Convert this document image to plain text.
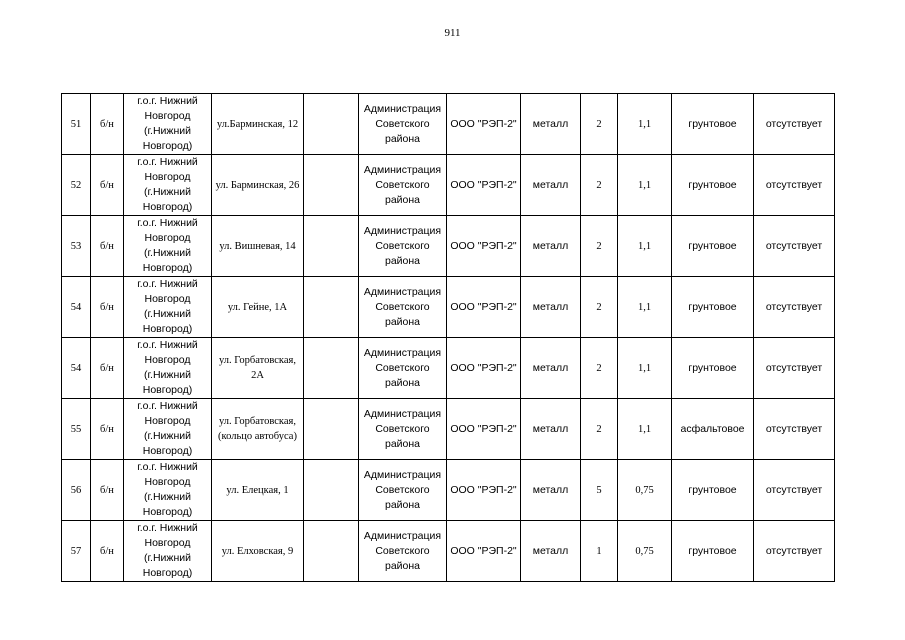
911
51	б/н	г.о.г. Нижний Новгород (г.Нижний Новгород)	ул.Барминская, 12		Администрация Советского района	ООО "РЭП-2"	металл	2	1,1	грунтовое	отсутствует
52	б/н	г.о.г. Нижний Новгород (г.Нижний Новгород)	ул. Барминская, 26		Администрация Советского района	ООО "РЭП-2"	металл	2	1,1	грунтовое	отсутствует
53	б/н	г.о.г. Нижний Новгород (г.Нижний Новгород)	ул. Вишневая, 14		Администрация Советского района	ООО "РЭП-2"	металл	2	1,1	грунтовое	отсутствует
54	б/н	г.о.г. Нижний Новгород (г.Нижний Новгород)	ул. Гейне, 1А		Администрация Советского района	ООО "РЭП-2"	металл	2	1,1	грунтовое	отсутствует
54	б/н	г.о.г. Нижний Новгород (г.Нижний Новгород)	ул. Горбатовская, 2А		Администрация Советского района	ООО "РЭП-2"	металл	2	1,1	грунтовое	отсутствует
55	б/н	г.о.г. Нижний Новгород (г.Нижний Новгород)	ул. Горбатовская, (кольцо автобуса)		Администрация Советского района	ООО "РЭП-2"	металл	2	1,1	асфальтовое	отсутствует
56	б/н	г.о.г. Нижний Новгород (г.Нижний Новгород)	ул. Елецкая, 1		Администрация Советского района	ООО "РЭП-2"	металл	5	0,75	грунтовое	отсутствует
57	б/н	г.о.г. Нижний Новгород (г.Нижний Новгород)	ул. Елховская, 9		Администрация Советского района	ООО "РЭП-2"	металл	1	0,75	грунтовое	отсутствует
